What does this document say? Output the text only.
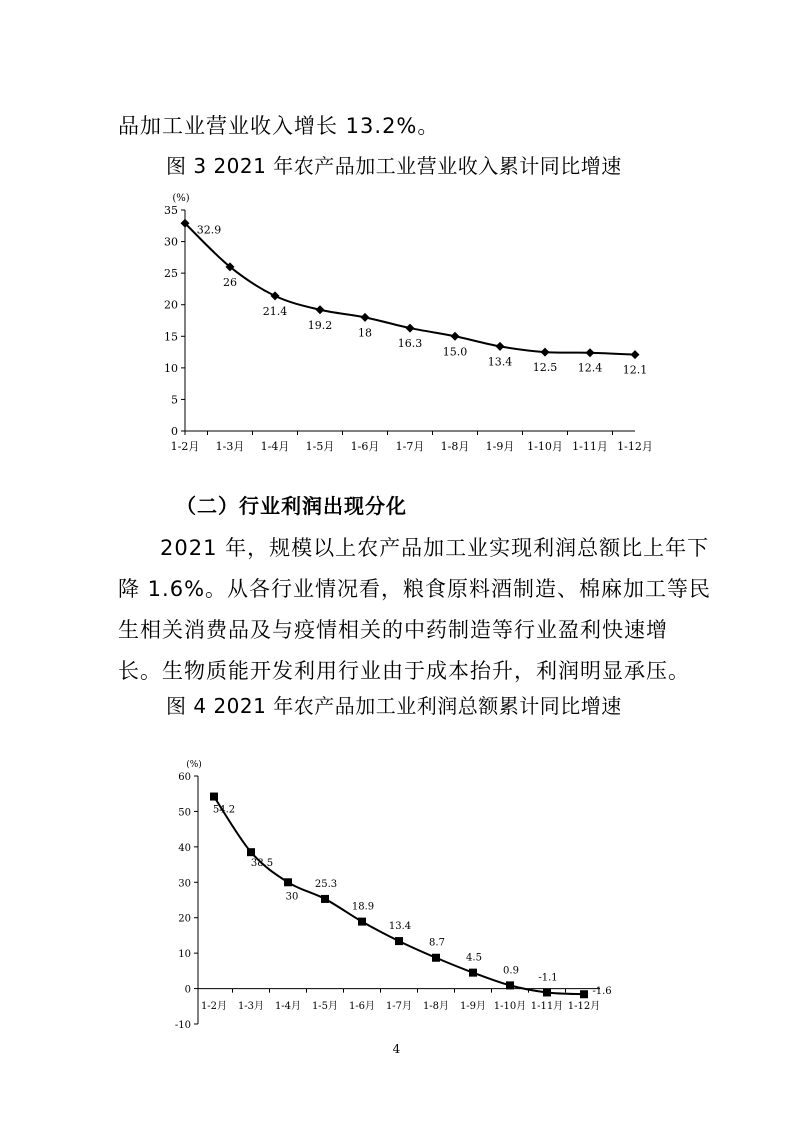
品加工业营业收入增长 13.2%。
图 3 2021 年农产品加工业营业收入累计同比增速
0
5
10
15
20
25
30
35
(%)
1-2月 1-3月 1-4月 1-5月 1-6月 1-7月 1-8月 1-9月 1-10月 1-11月 1-12月
32.9
26
21.4
19.2
18
16.3
15.0
13.4 12.5 12.4 12.1
（二）行业利润出现分化
2021 年，规模以上农产品加工业实现利润总额比上年下
降 1.6%。从各行业情况看，粮食原料酒制造、棉麻加工等民
生相关消费品及与疫情相关的中药制造等行业盈利快速增
长。生物质能开发利用行业由于成本抬升，利润明显承压。
图 4 2021 年农产品加工业利润总额累计同比增速
-10
0
10
20
30
40
50
60
(%)
1-2月 1-3月 1-4月 1-5月 1-6月 1-7月 1-8月 1-9月 1-10月 1-11月 1-12月
54.2
38.5
30
25.3
18.9
13.4
8.7
4.5
0.9
-1.1
-1.6
4
